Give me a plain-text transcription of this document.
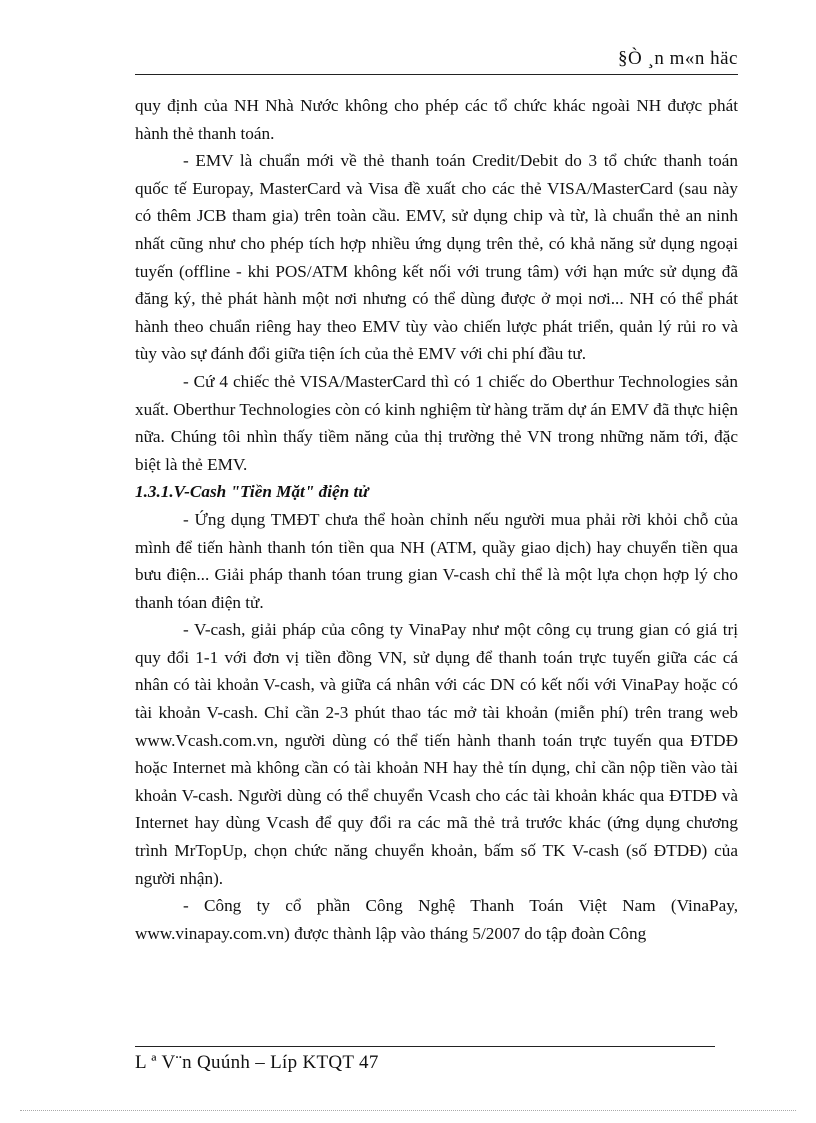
§Ò ¸n m«n häc

quy định của NH Nhà Nước không cho phép các tổ chức khác ngoài NH được phát hành thẻ thanh toán.

- EMV là chuẩn mới về thẻ thanh toán Credit/Debit do 3 tổ chức thanh toán quốc tế Europay, MasterCard và Visa đề xuất cho các thẻ VISA/MasterCard (sau này có thêm JCB tham gia) trên toàn cầu. EMV, sử dụng chip và từ, là chuẩn thẻ an ninh nhất cũng như cho phép tích hợp nhiều ứng dụng trên thẻ, có khả năng sử dụng ngoại tuyến (offline - khi POS/ATM không kết nối với trung tâm) với hạn mức sử dụng đã đăng ký, thẻ phát hành một nơi nhưng có thể dùng được ở mọi nơi... NH có thể phát hành theo chuẩn riêng hay theo EMV tùy vào chiến lược phát triển, quản lý rủi ro và tùy vào sự đánh đổi giữa tiện ích của thẻ EMV với chi phí đầu tư.

- Cứ 4 chiếc thẻ VISA/MasterCard thì có 1 chiếc do Oberthur Technologies sản xuất. Oberthur Technologies còn có kinh nghiệm từ hàng trăm dự án EMV đã thực hiện nữa. Chúng tôi nhìn thấy tiềm năng của thị trường thẻ VN trong những năm tới, đặc biệt là thẻ EMV.

1.3.1.V-Cash "Tiền Mặt" điện tử

- Ứng dụng TMĐT chưa thể hoàn chỉnh nếu người mua phải rời khỏi chỗ của mình để tiến hành thanh tón tiền qua NH (ATM, quầy giao dịch) hay chuyển tiền qua bưu điện... Giải pháp thanh tóan trung gian V-cash chỉ thể là một lựa chọn hợp lý cho thanh tóan điện tử.

- V-cash, giải pháp của công ty VinaPay như một công cụ trung gian có giá trị quy đổi 1-1 với đơn vị tiền đồng VN, sử dụng để thanh toán trực tuyến giữa các cá nhân có tài khoản V-cash, và giữa cá nhân với các DN có kết nối với VinaPay hoặc có tài khoản V-cash. Chỉ cần 2-3 phút thao tác mở tài khoản (miễn phí) trên trang web www.Vcash.com.vn, người dùng có thể tiến hành thanh toán trực tuyến qua ĐTDĐ hoặc Internet mà không cần có tài khoản NH hay thẻ tín dụng, chỉ cần nộp tiền vào tài khoản V-cash. Người dùng có thể chuyển Vcash cho các tài khoản khác qua ĐTDĐ và Internet hay dùng Vcash để quy đổi ra các mã thẻ trả trước khác (ứng dụng chương trình MrTopUp, chọn chức năng chuyển khoản, bấm số TK V-cash (số ĐTDĐ) của người nhận).

- Công ty cổ phần Công Nghệ Thanh Toán Việt Nam (VinaPay, www.vinapay.com.vn) được thành lập vào tháng 5/2007 do tập đoàn Công

L ª V¨n Quúnh – Líp KTQT 47
